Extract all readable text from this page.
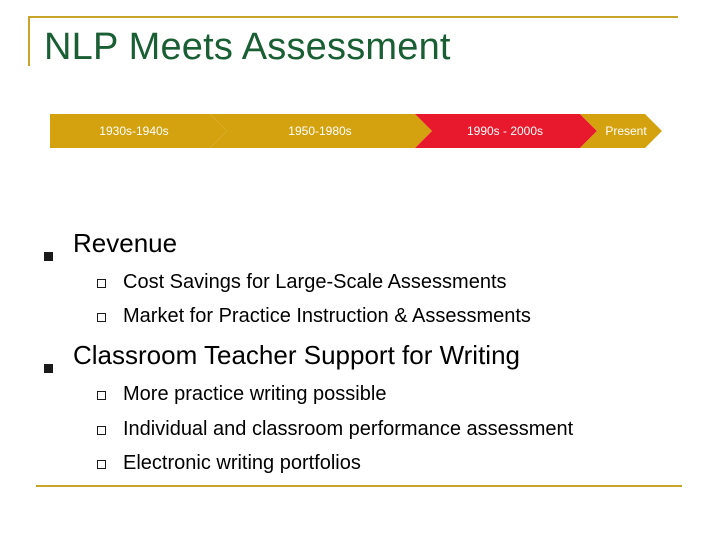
NLP Meets Assessment
1930s-1940s	1950-1980s	1990s - 2000s	Present
Revenue
Cost Savings for Large-Scale Assessments
Market for Practice Instruction & Assessments
Classroom Teacher Support for Writing
More practice writing possible
Individual and classroom performance assessment
Electronic writing portfolios
